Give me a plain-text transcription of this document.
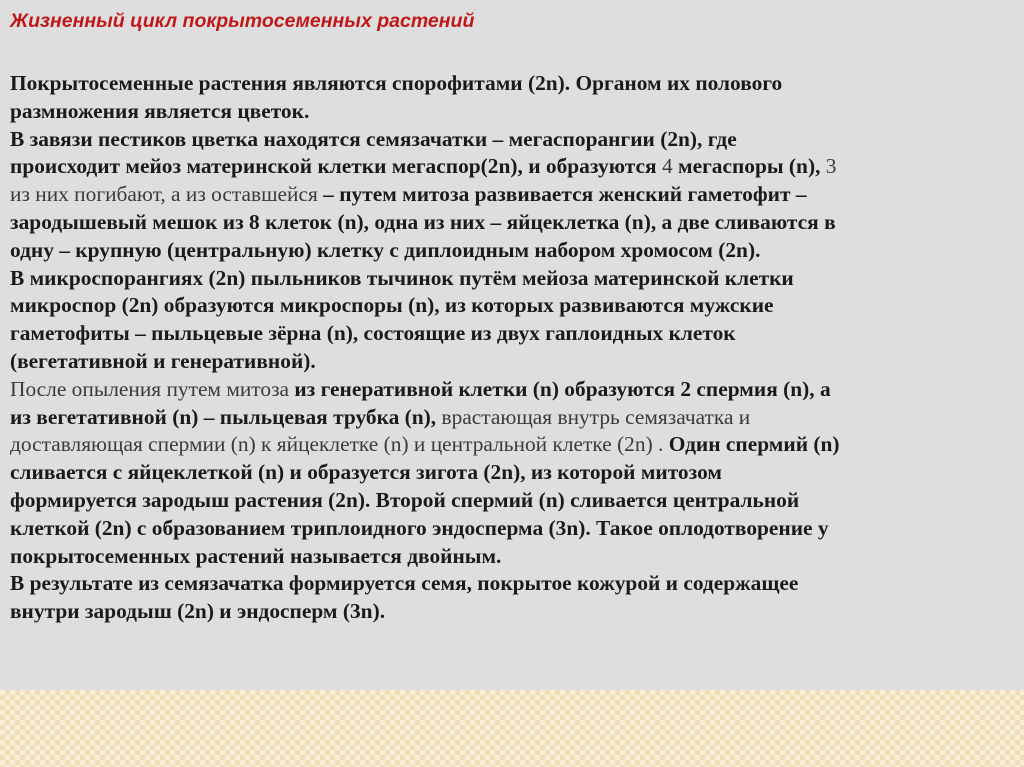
Жизненный цикл покрытосеменных растений
Покрытосеменные растения являются спорофитами (2n). Органом их полового
размножения является цветок.
В завязи пестиков цветка находятся семязачатки – мегаспорангии (2n), где
происходит мейоз материнской клетки мегаспор(2n), и образуются 4 мегаспоры (n), 3
из них погибают, а из оставшейся – путем митоза развивается женский гаметофит –
зародышевый мешок из 8 клеток (n), одна из них – яйцеклетка (n), а две сливаются в
одну – крупную (центральную) клетку с диплоидным набором хромосом (2n).
В микроспорангиях (2n) пыльников тычинок путём мейоза материнской клетки
микроспор (2n) образуются микроспоры (n), из которых развиваются мужские
гаметофиты – пыльцевые зёрна (n), состоящие из двух гаплоидных клеток
(вегетативной и генеративной).
После опыления путем митоза из генеративной клетки (n) образуются 2 спермия (n), а
из вегетативной (n) – пыльцевая трубка (n), врастающая внутрь семязачатка и
доставляющая спермии (n) к яйцеклетке (n) и центральной клетке (2n) . Один спермий (n)
сливается с яйцеклеткой (n) и образуется зигота (2n), из которой митозом
формируется зародыш растения (2n). Второй спермий (n) сливается центральной
клеткой (2n) с образованием триплоидного эндосперма (3n). Такое оплодотворение у
покрытосеменных растений называется двойным.
В результате из семязачатка формируется семя, покрытое кожурой и содержащее
внутри зародыш (2n) и эндосперм (3n).
